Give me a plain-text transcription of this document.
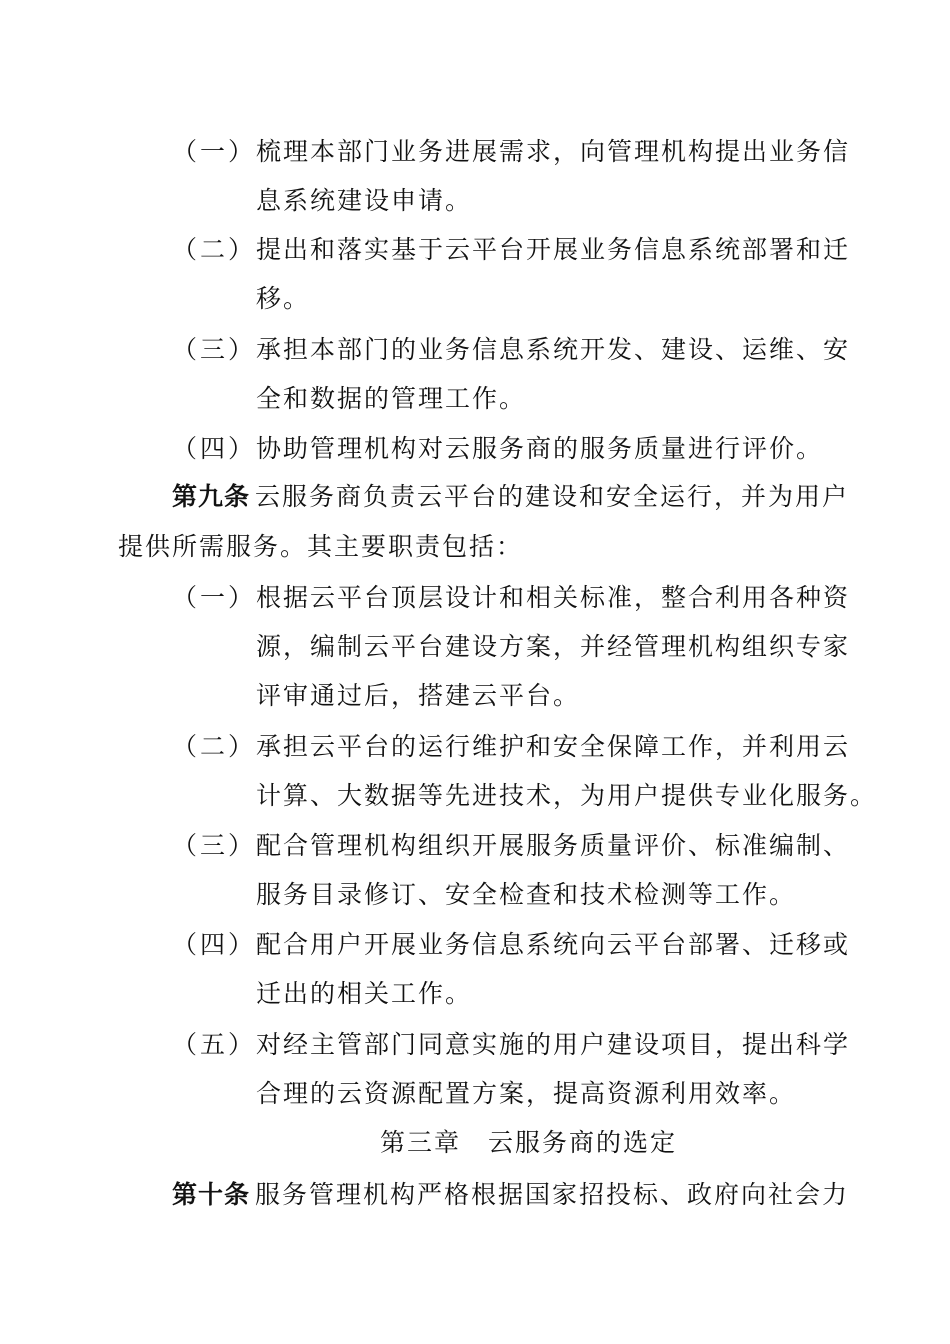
（一） 梳理本部门业务进展需求，向管理机构提出业务信
息系统建设申请。
（二） 提出和落实基于云平台开展业务信息系统部署和迁
移。
（三） 承担本部门的业务信息系统开发、建设、运维、安
全和数据的管理工作。
（四） 协助管理机构对云服务商的服务质量进行评价。
第九条 云服务商负责云平台的建设和安全运行，并为用户
提供所需服务。其主要职责包括：
（一） 根据云平台顶层设计和相关标准，整合利用各种资
源，编制云平台建设方案，并经管理机构组织专家
评审通过后，搭建云平台。
（二） 承担云平台的运行维护和安全保障工作，并利用云
计算、大数据等先进技术，为用户提供专业化服务。
（三） 配合管理机构组织开展服务质量评价、标准编制、
服务目录修订、安全检查和技术检测等工作。
（四） 配合用户开展业务信息系统向云平台部署、迁移或
迁出的相关工作。
（五） 对经主管部门同意实施的用户建设项目，提出科学
合理的云资源配置方案，提高资源利用效率。
第三章　云服务商的选定
第十条 服务管理机构严格根据国家招投标、政府向社会力
